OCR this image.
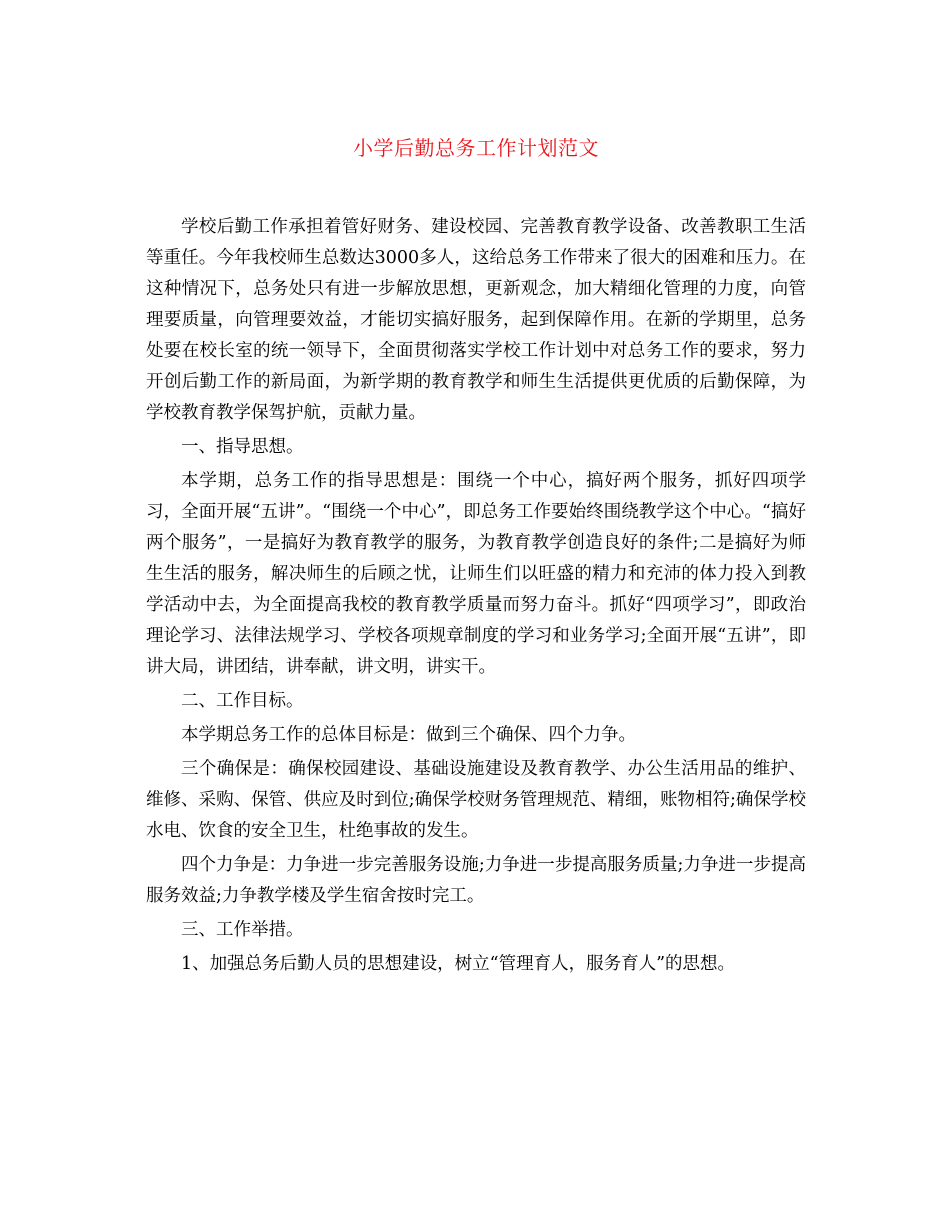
小学后勤总务工作计划范文

学校后勤工作承担着管好财务、建设校园、完善教育教学设备、改善教职工生活等重任。今年我校师生总数达3000多人，这给总务工作带来了很大的困难和压力。在这种情况下，总务处只有进一步解放思想，更新观念，加大精细化管理的力度，向管理要质量，向管理要效益，才能切实搞好服务，起到保障作用。在新的学期里，总务处要在校长室的统一领导下，全面贯彻落实学校工作计划中对总务工作的要求，努力开创后勤工作的新局面，为新学期的教育教学和师生生活提供更优质的后勤保障，为学校教育教学保驾护航，贡献力量。

一、指导思想。

本学期，总务工作的指导思想是：围绕一个中心，搞好两个服务，抓好四项学习，全面开展“五讲”。“围绕一个中心”，即总务工作要始终围绕教学这个中心。“搞好两个服务”，一是搞好为教育教学的服务，为教育教学创造良好的条件;二是搞好为师生生活的服务，解决师生的后顾之忧，让师生们以旺盛的精力和充沛的体力投入到教学活动中去，为全面提高我校的教育教学质量而努力奋斗。抓好“四项学习”，即政治理论学习、法律法规学习、学校各项规章制度的学习和业务学习;全面开展“五讲”，即讲大局，讲团结，讲奉献，讲文明，讲实干。

二、工作目标。

本学期总务工作的总体目标是：做到三个确保、四个力争。

三个确保是：确保校园建设、基础设施建设及教育教学、办公生活用品的维护、维修、采购、保管、供应及时到位;确保学校财务管理规范、精细，账物相符;确保学校水电、饮食的安全卫生，杜绝事故的发生。

四个力争是：力争进一步完善服务设施;力争进一步提高服务质量;力争进一步提高服务效益;力争教学楼及学生宿舍按时完工。

三、工作举措。

1、加强总务后勤人员的思想建设，树立“管理育人，服务育人”的思想。
